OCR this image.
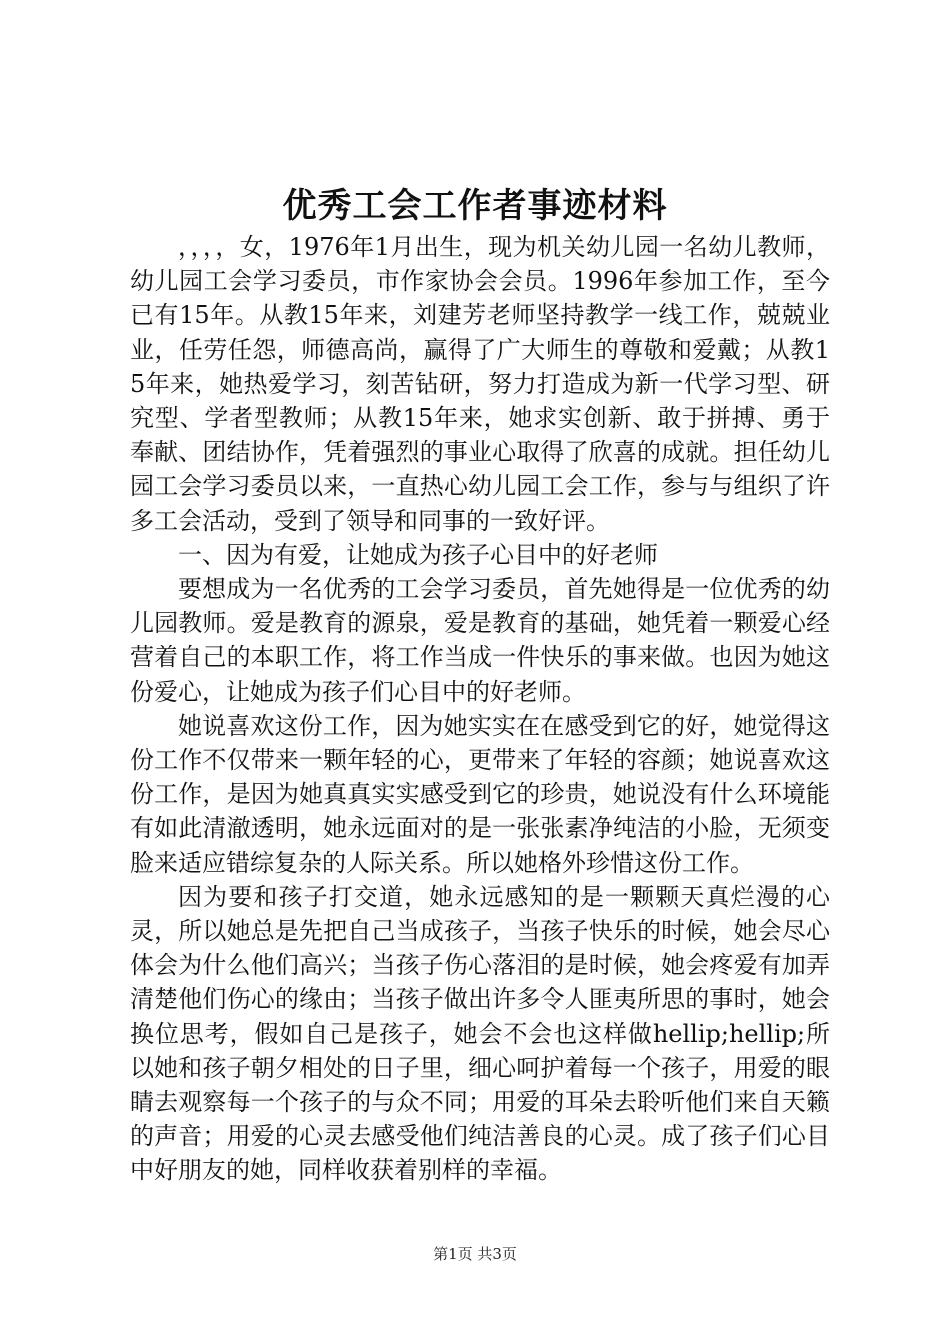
优秀工会工作者事迹材料

，，，，女，1976年1月出生，现为机关幼儿园一名幼儿教师，幼儿园工会学习委员，市作家协会会员。1996年参加工作，至今已有15年。从教15年来，刘建芳老师坚持教学一线工作，兢兢业业，任劳任怨，师德高尚，赢得了广大师生的尊敬和爱戴；从教15年来，她热爱学习，刻苦钻研，努力打造成为新一代学习型、研究型、学者型教师；从教15年来，她求实创新、敢于拼搏、勇于奉献、团结协作，凭着强烈的事业心取得了欣喜的成就。担任幼儿园工会学习委员以来，一直热心幼儿园工会工作，参与与组织了许多工会活动，受到了领导和同事的一致好评。

一、因为有爱，让她成为孩子心目中的好老师

要想成为一名优秀的工会学习委员，首先她得是一位优秀的幼儿园教师。爱是教育的源泉，爱是教育的基础，她凭着一颗爱心经营着自己的本职工作，将工作当成一件快乐的事来做。也因为她这份爱心，让她成为孩子们心目中的好老师。

她说喜欢这份工作，因为她实实在在感受到它的好，她觉得这份工作不仅带来一颗年轻的心，更带来了年轻的容颜；她说喜欢这份工作，是因为她真真实实感受到它的珍贵，她说没有什么环境能有如此清澈透明，她永远面对的是一张张素净纯洁的小脸，无须变脸来适应错综复杂的人际关系。所以她格外珍惜这份工作。

因为要和孩子打交道，她永远感知的是一颗颗天真烂漫的心灵，所以她总是先把自己当成孩子，当孩子快乐的时候，她会尽心体会为什么他们高兴；当孩子伤心落泪的是时候，她会疼爱有加弄清楚他们伤心的缘由；当孩子做出许多令人匪夷所思的事时，她会换位思考，假如自己是孩子，她会不会也这样做hellip;hellip;所以她和孩子朝夕相处的日子里，细心呵护着每一个孩子，用爱的眼睛去观察每一个孩子的与众不同；用爱的耳朵去聆听他们来自天籁的声音；用爱的心灵去感受他们纯洁善良的心灵。成了孩子们心目中好朋友的她，同样收获着别样的幸福。

第1页 共3页
